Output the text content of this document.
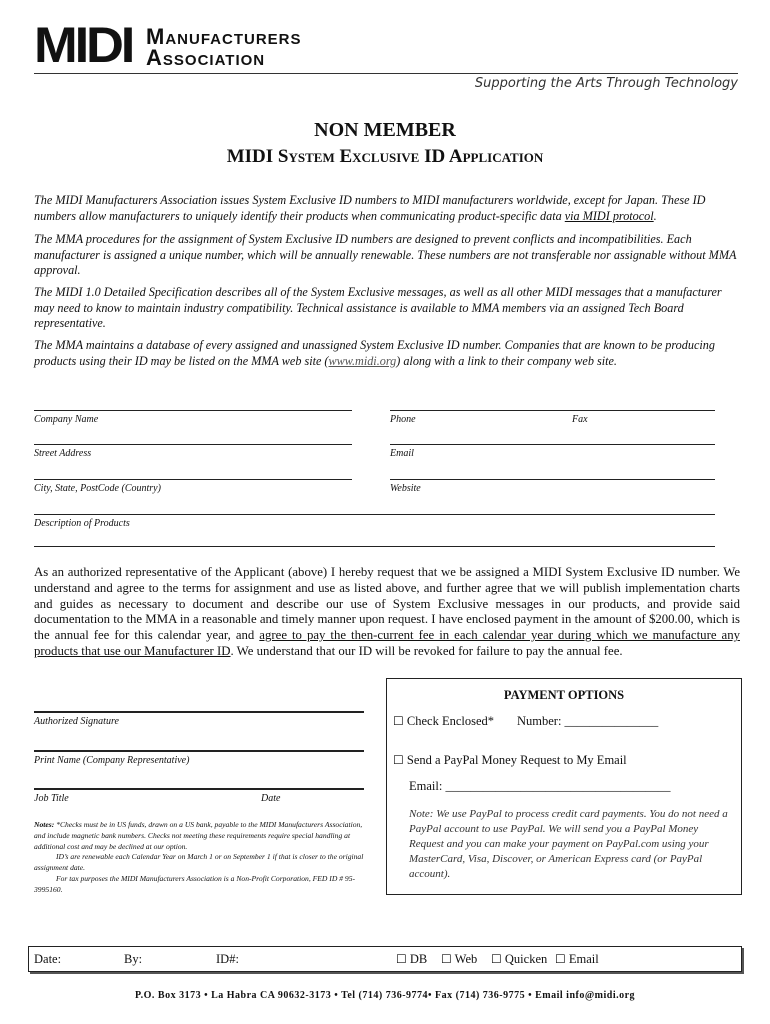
MIDI Manufacturers
Association
Supporting the Arts Through Technology
NON MEMBER
MIDI System Exclusive ID Application
The MIDI Manufacturers Association issues System Exclusive ID numbers to MIDI manufacturers worldwide, except for Japan. These ID numbers allow manufacturers to uniquely identify their products when communicating product-specific data via MIDI protocol.
The MMA procedures for the assignment of System Exclusive ID numbers are designed to prevent conflicts and incompatibilities. Each manufacturer is assigned a unique number, which will be annually renewable. These numbers are not transferable nor assignable without MMA approval.
The MIDI 1.0 Detailed Specification describes all of the System Exclusive messages, as well as all other MIDI messages that a manufacturer may need to know to maintain industry compatibility. Technical assistance is available to MMA members via an assigned Tech Board representative.
The MMA maintains a database of every assigned and unassigned System Exclusive ID number. Companies that are known to be producing products using their ID may be listed on the MMA web site (www.midi.org) along with a link to their company web site.
Company Name	Phone	Fax
Street Address	Email
City, State, PostCode (Country)	Website
Description of Products
As an authorized representative of the Applicant (above) I hereby request that we be assigned a MIDI System Exclusive ID number. We understand and agree to the terms for assignment and use as listed above, and further agree that we will publish implementation charts and guides as necessary to document and describe our use of System Exclusive messages in our products, and provide said documentation to the MMA in a reasonable and timely manner upon request. I have enclosed payment in the amount of $200.00, which is the annual fee for this calendar year, and agree to pay the then-current fee in each calendar year during which we manufacture any products that use our Manufacturer ID. We understand that our ID will be revoked for failure to pay the annual fee.
Authorized Signature
Print Name (Company Representative)
Job Title	Date
Notes: *Checks must be in US funds, drawn on a US bank, payable to the MIDI Manufacturers Association, and include magnetic bank numbers. Checks not meeting these requirements require special handling at additional cost and may be declined at our option.
ID’s are renewable each Calendar Year on March 1 or on September 1 if that is closer to the original assignment date.
For tax purposes the MIDI Manufacturers Association is a Non-Profit Corporation, FED ID # 95-3995160.
PAYMENT OPTIONS
☐ Check Enclosed* Number: _______________
☐ Send a PayPal Money Request to My Email
Email: ____________________________________
Note: We use PayPal to process credit card payments. You do not need a PayPal account to use PayPal. We will send you a PayPal Money Request and you can make your payment on PayPal.com using your MasterCard, Visa, Discover, or American Express card (or PayPal account).
Date:	By:	ID#:	☐ DB ☐ Web ☐ Quicken ☐ Email
P.O. Box 3173 • La Habra CA 90632-3173 • Tel (714) 736-9774• Fax (714) 736-9775 • Email info@midi.org
